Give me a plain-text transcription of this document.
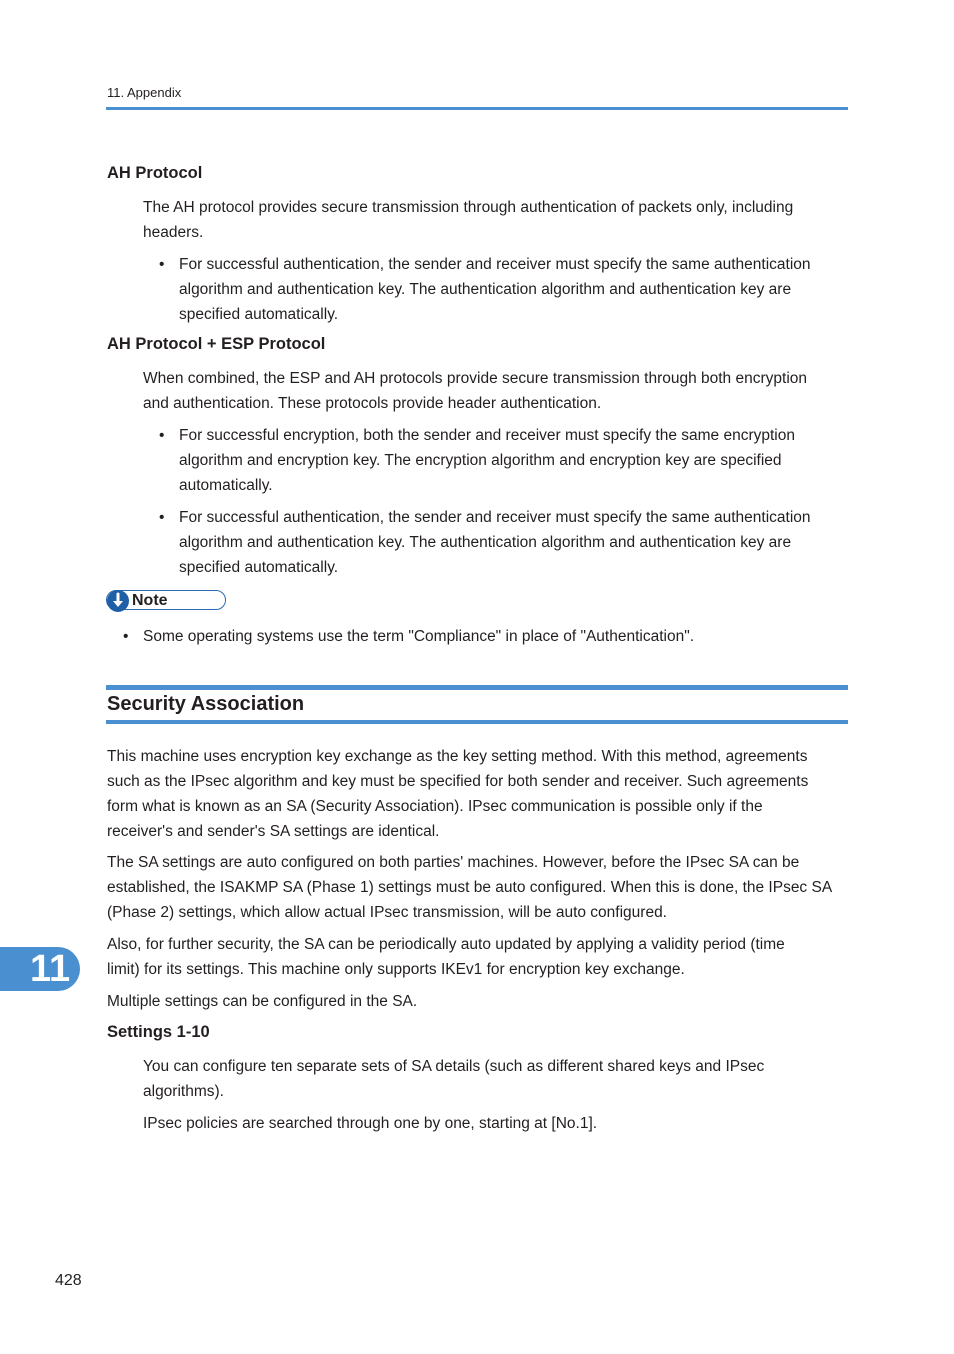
11. Appendix
AH Protocol
The AH protocol provides secure transmission through authentication of packets only, including
headers.
• For successful authentication, the sender and receiver must specify the same authentication
algorithm and authentication key. The authentication algorithm and authentication key are
specified automatically.
AH Protocol + ESP Protocol
When combined, the ESP and AH protocols provide secure transmission through both encryption
and authentication. These protocols provide header authentication.
• For successful encryption, both the sender and receiver must specify the same encryption
algorithm and encryption key. The encryption algorithm and encryption key are specified
automatically.
• For successful authentication, the sender and receiver must specify the same authentication
algorithm and authentication key. The authentication algorithm and authentication key are
specified automatically.
Note
• Some operating systems use the term "Compliance" in place of "Authentication".
Security Association
This machine uses encryption key exchange as the key setting method. With this method, agreements
such as the IPsec algorithm and key must be specified for both sender and receiver. Such agreements
form what is known as an SA (Security Association). IPsec communication is possible only if the
receiver's and sender's SA settings are identical.
The SA settings are auto configured on both parties' machines. However, before the IPsec SA can be
established, the ISAKMP SA (Phase 1) settings must be auto configured. When this is done, the IPsec SA
(Phase 2) settings, which allow actual IPsec transmission, will be auto configured.
Also, for further security, the SA can be periodically auto updated by applying a validity period (time
limit) for its settings. This machine only supports IKEv1 for encryption key exchange.
Multiple settings can be configured in the SA.
Settings 1-10
You can configure ten separate sets of SA details (such as different shared keys and IPsec
algorithms).
IPsec policies are searched through one by one, starting at [No.1].
11
428
